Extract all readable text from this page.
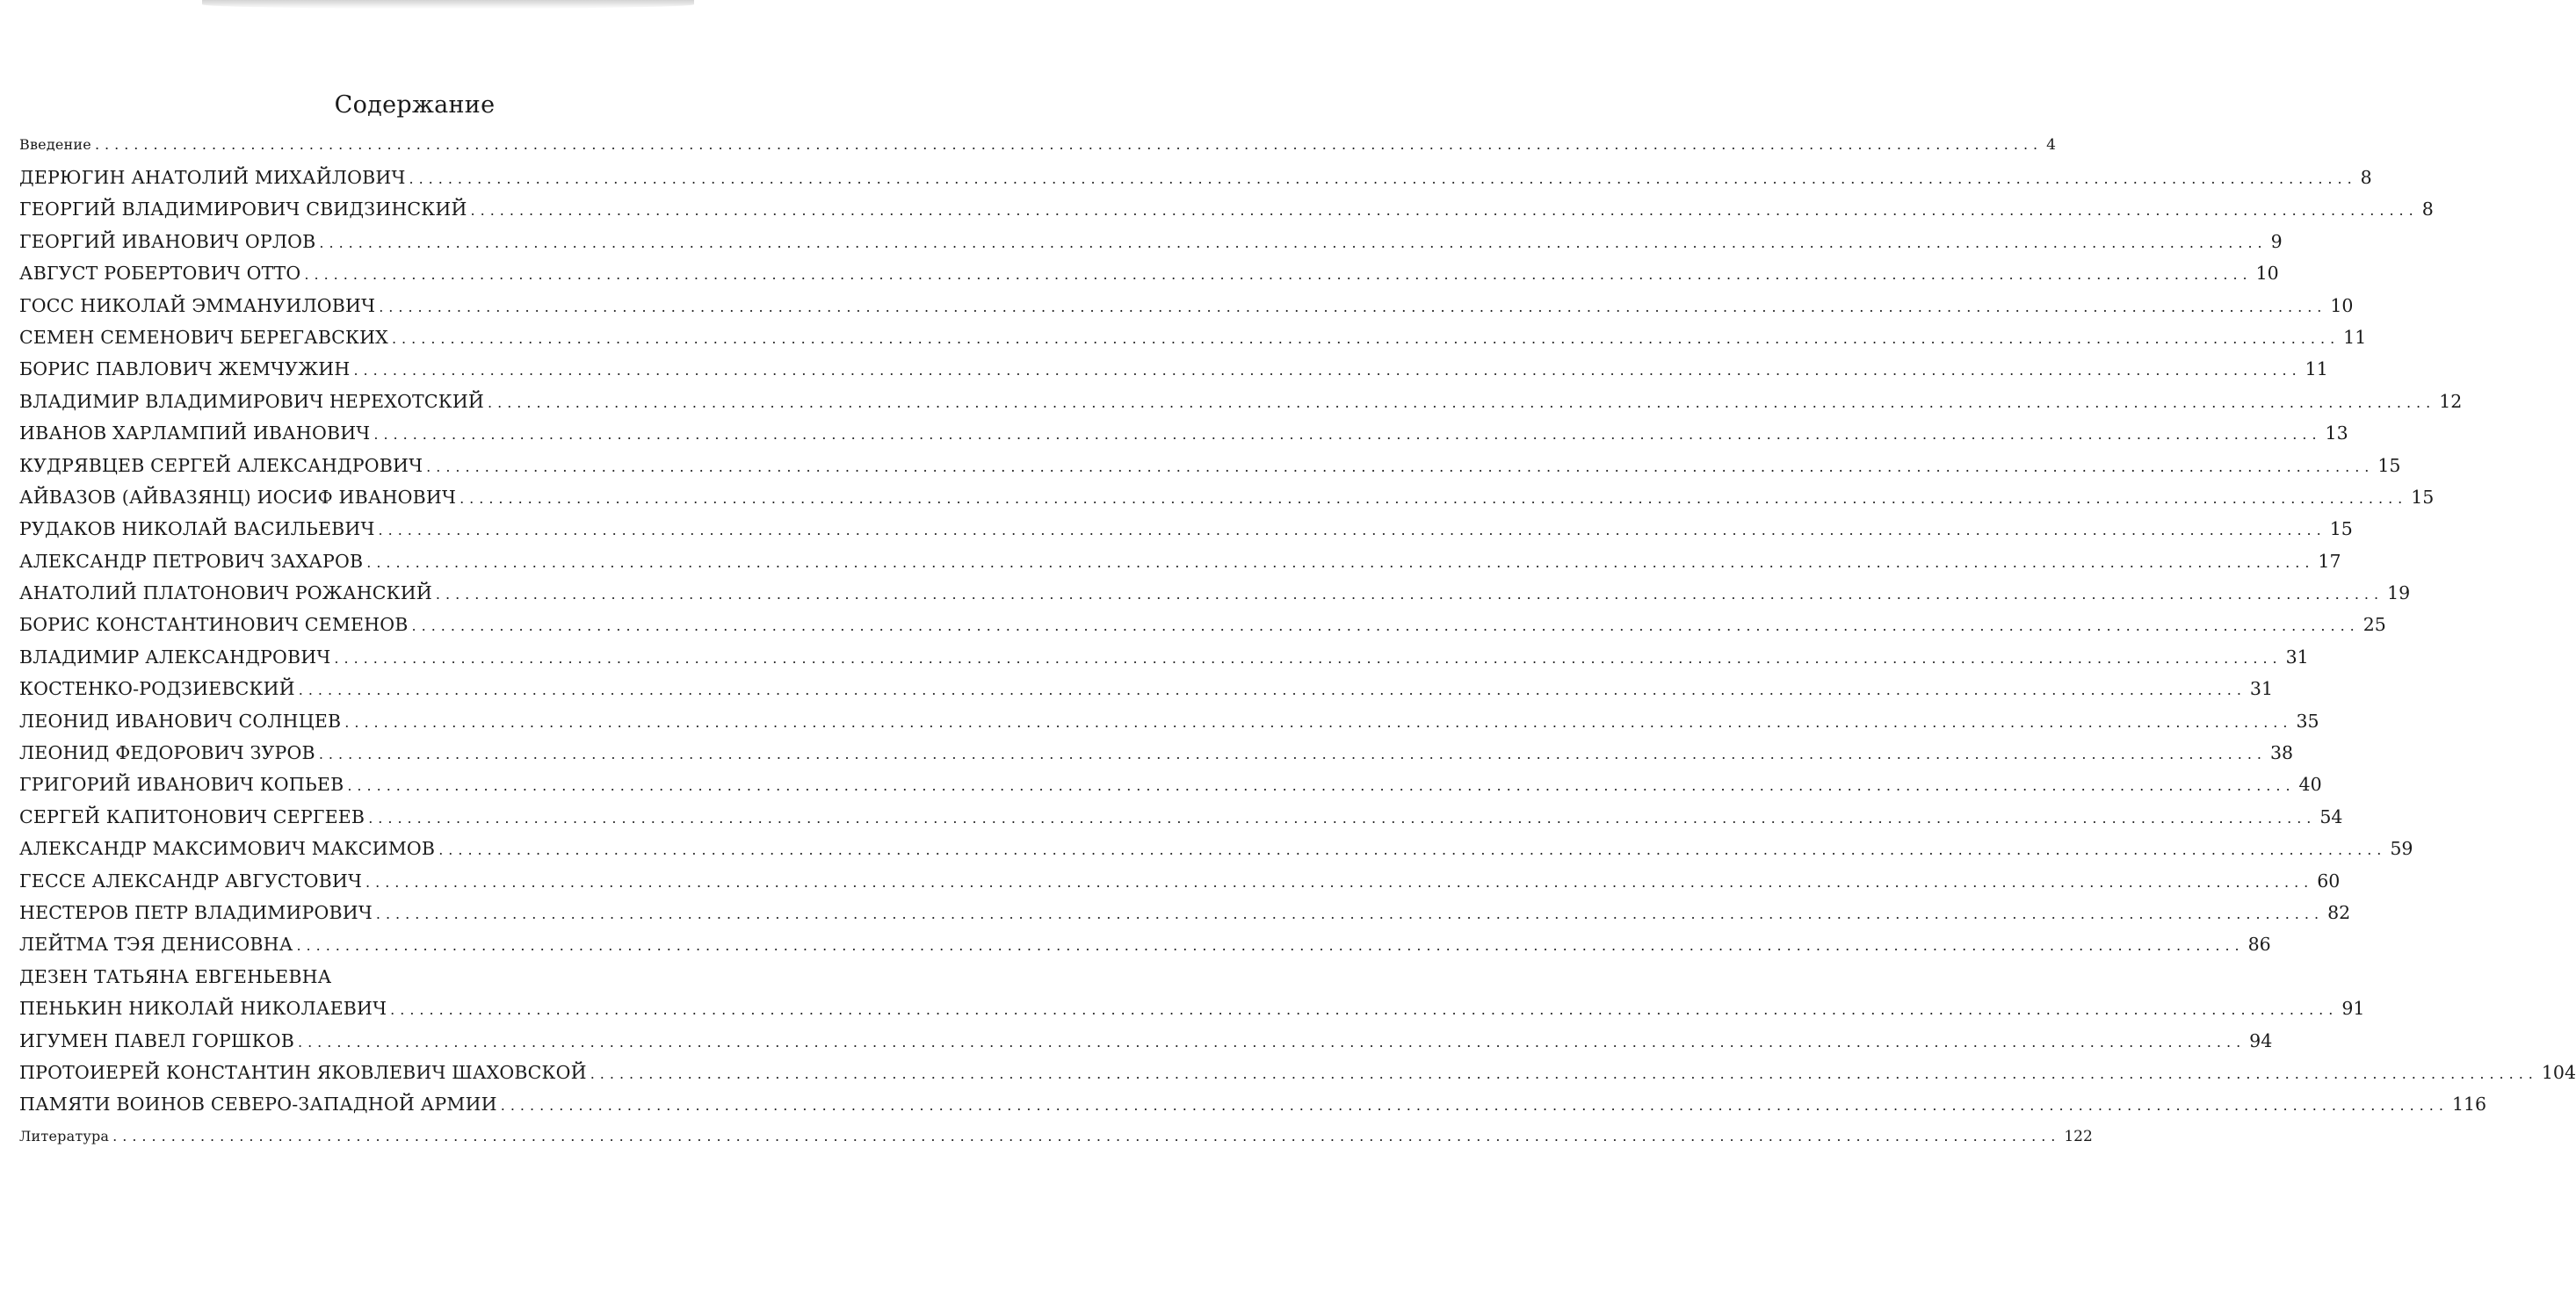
Содержание
Введение ........................................................................................................................................................................................................ 4
ДЕРЮГИН АНАТОЛИЙ МИХАЙЛОВИЧ ........................................................................................................................................................................................................ 8
ГЕОРГИЙ ВЛАДИМИРОВИЧ СВИДЗИНСКИЙ ........................................................................................................................................................................................................ 8
ГЕОРГИЙ ИВАНОВИЧ ОРЛОВ ........................................................................................................................................................................................................ 9
АВГУСТ РОБЕРТОВИЧ ОТТО ........................................................................................................................................................................................................ 10
ГОСС НИКОЛАЙ ЭММАНУИЛОВИЧ ........................................................................................................................................................................................................ 10
СЕМЕН СЕМЕНОВИЧ БЕРЕГАВСКИХ ........................................................................................................................................................................................................ 11
БОРИС ПАВЛОВИЧ ЖЕМЧУЖИН ........................................................................................................................................................................................................ 11
ВЛАДИМИР ВЛАДИМИРОВИЧ НЕРЕХОТСКИЙ ........................................................................................................................................................................................................ 12
ИВАНОВ ХАРЛАМПИЙ ИВАНОВИЧ ........................................................................................................................................................................................................ 13
КУДРЯВЦЕВ СЕРГЕЙ АЛЕКСАНДРОВИЧ ........................................................................................................................................................................................................ 15
АЙВАЗОВ (АЙВАЗЯНЦ) ИОСИФ ИВАНОВИЧ ........................................................................................................................................................................................................ 15
РУДАКОВ НИКОЛАЙ ВАСИЛЬЕВИЧ ........................................................................................................................................................................................................ 15
АЛЕКСАНДР ПЕТРОВИЧ ЗАХАРОВ ........................................................................................................................................................................................................ 17
АНАТОЛИЙ ПЛАТОНОВИЧ РОЖАНСКИЙ ........................................................................................................................................................................................................ 19
БОРИС КОНСТАНТИНОВИЧ СЕМЕНОВ ........................................................................................................................................................................................................ 25
ВЛАДИМИР АЛЕКСАНДРОВИЧ ........................................................................................................................................................................................................ 31
КОСТЕНКО-РОДЗИЕВСКИЙ ........................................................................................................................................................................................................ 31
ЛЕОНИД ИВАНОВИЧ СОЛНЦЕВ ........................................................................................................................................................................................................ 35
ЛЕОНИД ФЕДОРОВИЧ ЗУРОВ ........................................................................................................................................................................................................ 38
ГРИГОРИЙ ИВАНОВИЧ КОПЬЕВ ........................................................................................................................................................................................................ 40
СЕРГЕЙ КАПИТОНОВИЧ СЕРГЕЕВ ........................................................................................................................................................................................................ 54
АЛЕКСАНДР МАКСИМОВИЧ МАКСИМОВ ........................................................................................................................................................................................................ 59
ГЕССЕ АЛЕКСАНДР АВГУСТОВИЧ ........................................................................................................................................................................................................ 60
НЕСТЕРОВ ПЕТР ВЛАДИМИРОВИЧ ........................................................................................................................................................................................................ 82
ЛЕЙТМА ТЭЯ ДЕНИСОВНА ........................................................................................................................................................................................................ 86
ДЕЗЕН ТАТЬЯНА ЕВГЕНЬЕВНА
ПЕНЬКИН НИКОЛАЙ НИКОЛАЕВИЧ ........................................................................................................................................................................................................ 91
ИГУМЕН ПАВЕЛ ГОРШКОВ ........................................................................................................................................................................................................ 94
ПРОТОИЕРЕЙ КОНСТАНТИН ЯКОВЛЕВИЧ ШАХОВСКОЙ ........................................................................................................................................................................................................ 104
ПАМЯТИ ВОИНОВ СЕВЕРО-ЗАПАДНОЙ АРМИИ ........................................................................................................................................................................................................ 116
Литература ........................................................................................................................................................................................................ 122
